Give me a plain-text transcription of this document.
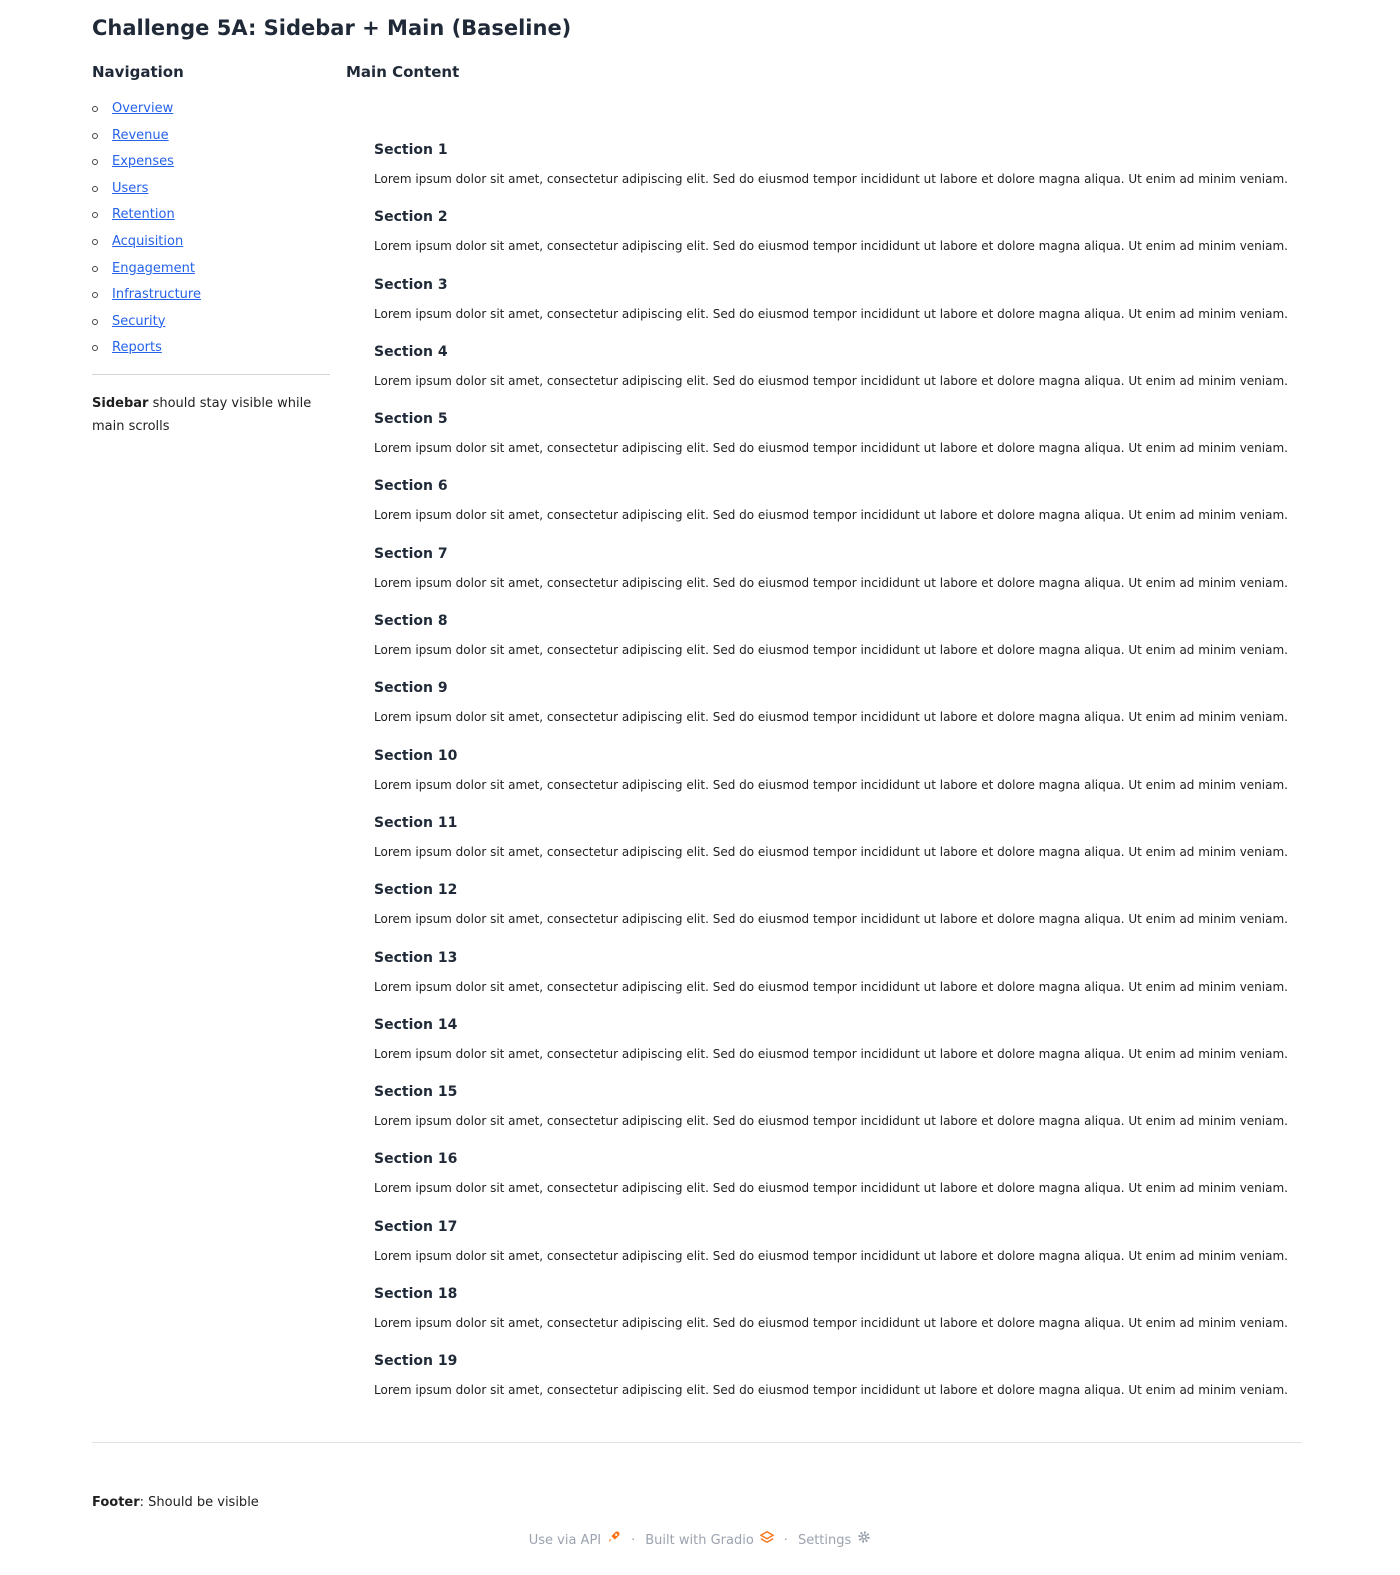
Challenge 5A: Sidebar + Main (Baseline)
Navigation
Overview
Revenue
Expenses
Users
Retention
Acquisition
Engagement
Infrastructure
Security
Reports
Sidebar should stay visible while main scrolls
Main Content
Section 1
Lorem ipsum dolor sit amet, consectetur adipiscing elit. Sed do eiusmod tempor incididunt ut labore et dolore magna aliqua. Ut enim ad minim veniam.
Section 2
Lorem ipsum dolor sit amet, consectetur adipiscing elit. Sed do eiusmod tempor incididunt ut labore et dolore magna aliqua. Ut enim ad minim veniam.
Section 3
Lorem ipsum dolor sit amet, consectetur adipiscing elit. Sed do eiusmod tempor incididunt ut labore et dolore magna aliqua. Ut enim ad minim veniam.
Section 4
Lorem ipsum dolor sit amet, consectetur adipiscing elit. Sed do eiusmod tempor incididunt ut labore et dolore magna aliqua. Ut enim ad minim veniam.
Section 5
Lorem ipsum dolor sit amet, consectetur adipiscing elit. Sed do eiusmod tempor incididunt ut labore et dolore magna aliqua. Ut enim ad minim veniam.
Section 6
Lorem ipsum dolor sit amet, consectetur adipiscing elit. Sed do eiusmod tempor incididunt ut labore et dolore magna aliqua. Ut enim ad minim veniam.
Section 7
Lorem ipsum dolor sit amet, consectetur adipiscing elit. Sed do eiusmod tempor incididunt ut labore et dolore magna aliqua. Ut enim ad minim veniam.
Section 8
Lorem ipsum dolor sit amet, consectetur adipiscing elit. Sed do eiusmod tempor incididunt ut labore et dolore magna aliqua. Ut enim ad minim veniam.
Section 9
Lorem ipsum dolor sit amet, consectetur adipiscing elit. Sed do eiusmod tempor incididunt ut labore et dolore magna aliqua. Ut enim ad minim veniam.
Section 10
Lorem ipsum dolor sit amet, consectetur adipiscing elit. Sed do eiusmod tempor incididunt ut labore et dolore magna aliqua. Ut enim ad minim veniam.
Section 11
Lorem ipsum dolor sit amet, consectetur adipiscing elit. Sed do eiusmod tempor incididunt ut labore et dolore magna aliqua. Ut enim ad minim veniam.
Section 12
Lorem ipsum dolor sit amet, consectetur adipiscing elit. Sed do eiusmod tempor incididunt ut labore et dolore magna aliqua. Ut enim ad minim veniam.
Section 13
Lorem ipsum dolor sit amet, consectetur adipiscing elit. Sed do eiusmod tempor incididunt ut labore et dolore magna aliqua. Ut enim ad minim veniam.
Section 14
Lorem ipsum dolor sit amet, consectetur adipiscing elit. Sed do eiusmod tempor incididunt ut labore et dolore magna aliqua. Ut enim ad minim veniam.
Section 15
Lorem ipsum dolor sit amet, consectetur adipiscing elit. Sed do eiusmod tempor incididunt ut labore et dolore magna aliqua. Ut enim ad minim veniam.
Section 16
Lorem ipsum dolor sit amet, consectetur adipiscing elit. Sed do eiusmod tempor incididunt ut labore et dolore magna aliqua. Ut enim ad minim veniam.
Section 17
Lorem ipsum dolor sit amet, consectetur adipiscing elit. Sed do eiusmod tempor incididunt ut labore et dolore magna aliqua. Ut enim ad minim veniam.
Section 18
Lorem ipsum dolor sit amet, consectetur adipiscing elit. Sed do eiusmod tempor incididunt ut labore et dolore magna aliqua. Ut enim ad minim veniam.
Section 19
Lorem ipsum dolor sit amet, consectetur adipiscing elit. Sed do eiusmod tempor incididunt ut labore et dolore magna aliqua. Ut enim ad minim veniam.
Footer: Should be visible
Use via API · Built with Gradio · Settings
